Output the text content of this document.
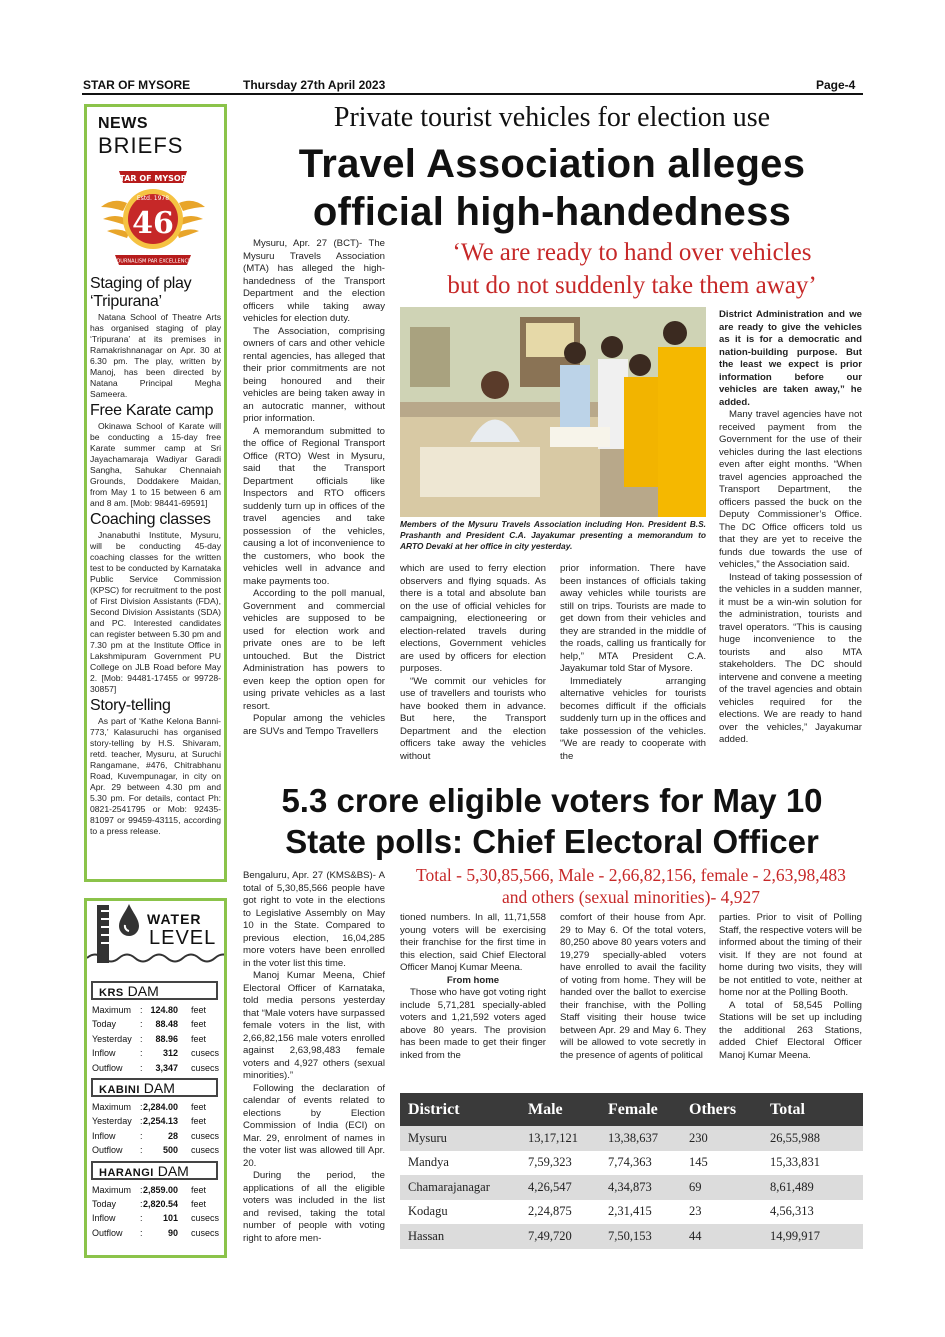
STAR OF MYSORE	Thursday 27th April 2023	Page-4
NEWS
BRIEFS
STAR OF MYSORE
Estd. 1978
46
JOURNALISM PAR EXCELLENCE
Staging of play ‘Tripurana’
Natana School of Theatre Arts has organised staging of play ‘Tripurana’ at its premises in Ramakrishnanagar on Apr. 30 at 6.30 pm. The play, written by Manoj, has been directed by Natana Principal Megha Sameera.
Free Karate camp
Okinawa School of Karate will be conducting a 15-day free Karate summer camp at Sri Jayachamaraja Wadiyar Garadi Sangha, Sahukar Chennaiah Grounds, Doddakere Maidan, from May 1 to 15 between 6 am and 8 am. [Mob: 98441-69591]
Coaching classes
Jnanabuthi Institute, Mysuru, will be conducting 45-day coaching classes for the written test to be conducted by Karnataka Public Service Commission (KPSC) for recruitment to the post of First Division Assistants (FDA), Second Division Assistants (SDA) and PC. Interested candidates can register between 5.30 pm and 7.30 pm at the Institute Office in Lakshmipuram Government PU College on JLB Road before May 2. [Mob: 94481-17455 or 99728-30857]
Story-telling
As part of ‘Kathe Kelona Banni-773,’ Kalasuruchi has organised story-telling by H.S. Shivaram, retd. teacher, Mysuru, at Suruchi Rangamane, #476, Chitrabhanu Road, Kuvempunagar, in city on Apr. 29 between 4.30 pm and 5.30 pm. For details, contact Ph: 0821-2541795 or Mob: 92435-81097 or 99459-43115, according to a press release.
WATER
LEVEL
KRS DAM
Maximum : 124.80 feet
Today	: 88.48 feet
Yesterday : 88.96 feet
Inflow	: 312 cusecs
Outflow : 3,347 cusecs
KABINI DAM
Maximum : 2,284.00 feet
Yesterday : 2,254.13 feet
Inflow	:	28 cusecs
Outflow : 500 cusecs
HARANGI DAM
Maximum : 2,859.00 feet
Today	: 2,820.54 feet
Inflow	: 101 cusecs
Outflow :	90 cusecs
Private tourist vehicles for election use
Travel Association alleges
official high-handedness
‘We are ready to hand over vehicles
but do not suddenly take them away’

Mysuru, Apr. 27 (BCT)- The Mysuru Travels Association (MTA) has alleged the high-handedness of the Transport Department and the election officers while taking away vehicles for election duty.

The Association, comprising owners of cars and other vehicle rental agencies, has alleged that their prior commitments are not being honoured and their vehicles are being taken away in an autocratic manner, without prior information.

A memorandum submitted to the office of Regional Transport Office (RTO) West in Mysuru, said that the Transport Department officials like Inspectors and RTO officers suddenly turn up in offices of the travel agencies and take possession of the vehicles, causing a lot of inconvenience to the customers, who book the vehicles well in advance and make payments too.

According to the poll manual, Government and commercial vehicles are supposed to be used for election work and private ones are to be left untouched. But the District Administration has powers to even keep the option open for using private vehicles as a last resort.

Popular among the vehicles are SUVs and Tempo Travellers

Members of the Mysuru Travels Association including Hon. President B.S. Prashanth and President C.A. Jayakumar presenting a memorandum to ARTO Devaki at her office in city yesterday.

which are used to ferry election observers and flying squads. As there is a total and absolute ban on the use of official vehicles for campaigning, electioneering or election-related travels during elections, Government vehicles are used by officers for election purposes.

“We commit our vehicles for use of travellers and tourists who have booked them in advance. But here, the Transport Department and the election officers take away the vehicles without

prior information. There have been instances of officials taking away vehicles while tourists are still on trips. Tourists are made to get down from their vehicles and they are stranded in the middle of the roads, calling us frantically for help,” MTA President C.A. Jayakumar told Star of Mysore.

Immediately arranging alternative vehicles for tourists becomes difficult if the officials suddenly turn up in the offices and take possession of the vehicles. “We are ready to cooperate with the

District Administration and we are ready to give the vehicles as it is for a democratic and nation-building purpose. But the least we expect is prior information before our vehicles are taken away,” he added.

Many travel agencies have not received payment from the Government for the use of their vehicles during the last elections even after eight months. “When travel agencies approached the Transport Department, the officers passed the buck on the Deputy Commissioner’s Office. The DC Office officers told us that they are yet to receive the funds due towards the use of vehicles,” the Association said.

Instead of taking possession of the vehicles in a sudden manner, it must be a win-win solution for the administration, tourists and travel operators. “This is causing huge inconvenience to the tourists and also MTA stakeholders. The DC should intervene and convene a meeting of the travel agencies and obtain vehicles required for the elections. We are ready to hand over the vehicles,” Jayakumar added.

5.3 crore eligible voters for May 10
State polls: Chief Electoral Officer
Total - 5,30,85,566, Male - 2,66,82,156, female - 2,63,98,483
and others (sexual minorities)- 4,927

Bengaluru, Apr. 27 (KMS&BS)- A total of 5,30,85,566 people have got right to vote in the elections to Legislative Assembly on May 10 in the State. Compared to previous election, 16,04,285 more voters have been enrolled in the voter list this time.

Manoj Kumar Meena, Chief Electoral Officer of Karnataka, told media persons yesterday that “Male voters have surpassed female voters in the list, with 2,66,82,156 male voters enrolled against 2,63,98,483 female voters and 4,927 others (sexual minorities).”

Following the declaration of calendar of events related to elections by Election Commission of India (ECI) on Mar. 29, enrolment of names in the voter list was allowed till Apr. 20.

During the period, the applications of all the eligible voters was included in the list and revised, taking the total number of people with voting right to afore men-

tioned numbers. In all, 11,71,558 young voters will be exercising their franchise for the first time in this election, said Chief Electoral Officer Manoj Kumar Meena.

From home

Those who have got voting right include 5,71,281 specially-abled voters and 1,21,592 voters aged above 80 years. The provision has been made to get their finger inked from the

comfort of their house from Apr. 29 to May 6. Of the total voters, 80,250 above 80 years voters and 19,279 specially-abled voters have enrolled to avail the facility of voting from home. They will be handed over the ballot to exercise their franchise, with the Polling Staff visiting their house twice between Apr. 29 and May 6. They will be allowed to vote secretly in the presence of agents of political

parties. Prior to visit of Polling Staff, the respective voters will be informed about the timing of their visit. If they are not found at home during two visits, they will be not entitled to vote, neither at home nor at the Polling Booth.

A total of 58,545 Polling Stations will be set up including the additional 263 Stations, added Chief Electoral Officer Manoj Kumar Meena.

District	Male	Female	Others	Total
Mysuru	13,17,121	13,38,637	230	26,55,988
Mandya	7,59,323	7,74,363	145	15,33,831
Chamarajanagar	4,26,547	4,34,873	69	8,61,489
Kodagu	2,24,875	2,31,415	23	4,56,313
Hassan	7,49,720	7,50,153	44	14,99,917
